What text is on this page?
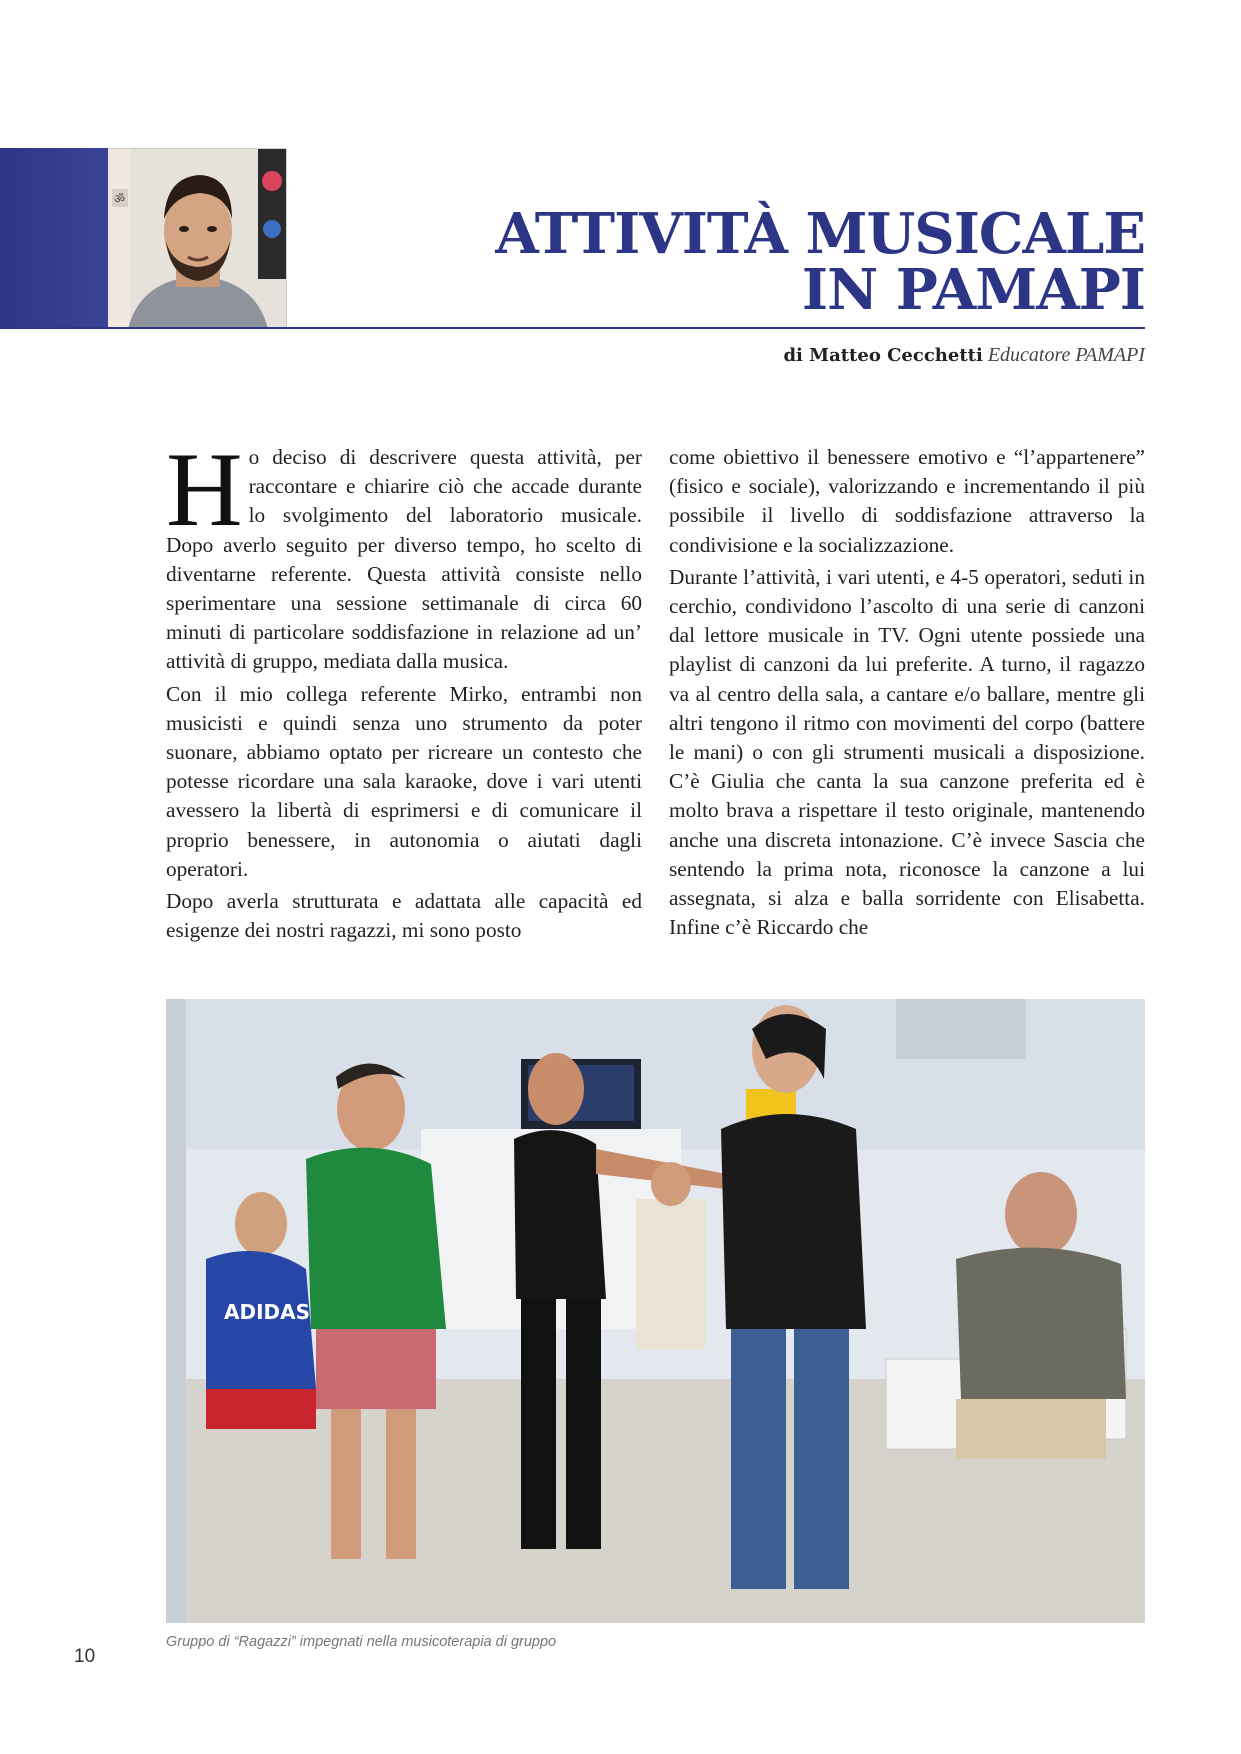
ॐ
ATTIVITÀ MUSICALE
IN PAMAPI
di Matteo Cecchetti Educatore PAMAPI

Ho deciso di descrivere questa attività, per raccontare e chiarire ciò che accade durante lo svolgimento del laboratorio musicale. Dopo averlo seguito per diverso tempo, ho scelto di diventarne referente. Questa attività consiste nello sperimentare una sessione settimanale di circa 60 minuti di particolare soddisfazione in relazione ad un’ attività di gruppo, mediata dalla musica.

Con il mio collega referente Mirko, entrambi non musicisti e quindi senza uno strumento da poter suonare, abbiamo optato per ricreare un contesto che potesse ricordare una sala karaoke, dove i vari utenti avessero la libertà di esprimersi e di comunicare il proprio benessere, in autonomia o aiutati dagli operatori.

Dopo averla strutturata e adattata alle capacità ed esigenze dei nostri ragazzi, mi sono posto

come obiettivo il benessere emotivo e “l’appartenere” (fisico e sociale), valorizzando e incrementando il più possibile il livello di soddisfazione attraverso la condivisione e la socializzazione.

Durante l’attività, i vari utenti, e 4-5 operatori, seduti in cerchio, condividono l’ascolto di una serie di canzoni dal lettore musicale in TV. Ogni utente possiede una playlist di canzoni da lui preferite. A turno, il ragazzo va al centro della sala, a cantare e/o ballare, mentre gli altri tengono il ritmo con movimenti del corpo (battere le mani) o con gli strumenti musicali a disposizione. C’è Giulia che canta la sua canzone preferita ed è molto brava a rispettare il testo originale, mantenendo anche una discreta intonazione. C’è invece Sascia che sentendo la prima nota, riconosce la canzone a lui assegnata, si alza e balla sorridente con Elisabetta. Infine c’è Riccardo che

ADIDAS
Gruppo di “Ragazzi” impegnati nella musicoterapia di gruppo
10
